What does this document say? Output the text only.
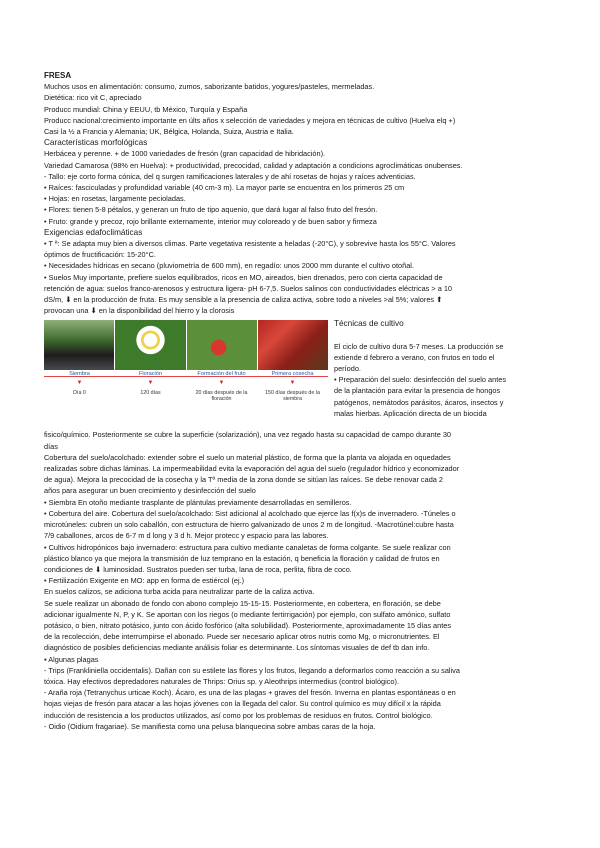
FRESA
Muchos usos en alimentación: consumo, zumos, saborizante batidos, yogures/pasteles, mermeladas.
Dietética: rico vit C, apreciado
Producc mundial: China y EEUU, tb México, Turquía y España
Producc nacional:crecimiento importante en últs años x selección de variedades y mejora en técnicas de cultivo (Huelva elq +)
Casi la ½ a Francia y Alemania; UK, Bélgica, Holanda, Suiza, Austria e Italia.
Características morfológicas
Herbácea y perenne. + de 1000 variedades de fresón (gran capacidad de hibridación).
Variedad Camarosa (98% en Huelva): + productividad, precocidad, calidad y adaptación a condicions agroclimáticas onubenses.
- Tallo: eje corto forma cónica, del q surgen ramificaciones laterales y de ahí rosetas de hojas y raíces adventicias.
• Raíces: fasciculadas y profundidad variable (40 cm-3 m). La mayor parte se encuentra en los primeros 25 cm
• Hojas: en rosetas, largamente pecioladas.
• Flores: tienen 5-8 pétalos, y generan un fruto de tipo aquenio, que dará lugar al falso fruto del fresón.
• Fruto: grande y precoz, rojo brillante externamente, interior muy coloreado y de buen sabor y firmeza
Exigencias edafoclimáticas
• T ª: Se adapta muy bien a diversos climas. Parte vegetativa resistente a heladas (-20°C), y sobrevive hasta los 55°C. Valores
óptimos de fructificación: 15-20°C.
• Necesidades hídricas en secano (pluviometría de 600 mm), en regadío: unos 2000 mm durante el cultivo otoñal.
• Suelos Muy importante, prefiere suelos equilibrados, ricos en MO, aireados, bien drenados, pero con cierta capacidad de
retención de agua: suelos franco-arenosos y estructura ligera- pH 6-7,5. Suelos salinos con conductividades eléctricas > a 10
dS/m, ⬇ en la producción de fruta. Es muy sensible a la presencia de caliza activa, sobre todo a niveles >al 5%; valores ⬆
provocan una ⬇ en la disponibilidad del hierro y la clorosis
Siembra
▼
Día 0
Floración
▼
120 días
Formación del fruto
▼
20 días después de la floración
Primera cosecha
▼
150 días después de la siembra
Técnicas de cultivo
El ciclo de cultivo dura 5-7 meses. La producción se
extiende d febrero a verano, con frutos en todo el
período.
• Preparación del suelo: desinfección del suelo antes
de la plantación para evitar la presencia de hongos
patógenos, nemátodos parásitos, ácaros, insectos y
malas hierbas. Aplicación directa de un biocida
fisico/químico. Posteriormente se cubre la superficie (solarización), una vez regado hasta su capacidad de campo durante 30
días
Cobertura del suelo/acolchado: extender sobre el suelo un material plástico, de forma que la planta va alojada en oquedades
realizadas sobre dichas láminas. La impermeabilidad evita la evaporación del agua del suelo (regulador hídrico y economizador
de agua). Mejora la precocidad de la cosecha y la Tª media de la zona donde se sitúan las raíces. Se debe renovar cada 2
años para asegurar un buen crecimiento y desinfección del suelo
• Siembra En otoño mediante trasplante de plántulas previamente desarrolladas en semilleros.
• Cobertura del aire. Cobertura del suelo/acolchado: Sist adicional al acolchado que ejerce las f(x)s de invernadero. -Túneles o
microtúneles: cubren un solo caballón, con estructura de hierro galvanizado de unos 2 m de longitud. -Macrotúnel:cubre hasta
7/9 caballones, arcos de 6-7 m d long y 3 d h. Mejor protecc y espacio para las labores.
• Cultivos hidropónicos bajo invernadero: estructura para cultivo mediante canaletas de forma colgante. Se suele realizar con
plástico blanco ya que mejora la transmisión de luz temprano en la estación, q beneficia la floración y calidad de frutos en
condiciones de ⬇ luminosidad. Sustratos pueden ser turba, lana de roca, perlita, fibra de coco.
• Fertilización Exigente en MO: app en forma de estiércol (ej.)
En suelos calizos, se adiciona turba acida para neutralizar parte de la caliza activa.
Se suele realizar un abonado de fondo con abono complejo 15-15-15. Posteriormente, en cobertera, en floración, se debe
adicionar igualmente N, P, y K. Se aportan con los riegos (o mediante fertirrigación) por ejemplo, con sulfato amónico, sulfato
potásico, o bien, nitrato potásico, junto con ácido fosfórico (alta solubilidad). Posteriormente, aproximadamente 15 días antes
de la recolección, debe interrumpirse el abonado. Puede ser necesario aplicar otros nutris como Mg, o micronutrientes. El
diagnóstico de posibles deficiencias mediante análisis foliar es determinante. Los síntomas visuales de def tb dan info.
▪ Algunas plagas
- Trips (Frankliniella occidentalis). Dañan con su estilete las flores y los frutos, llegando a deformarlos como reacción a su saliva
tóxica. Hay efectivos depredadores naturales de Thrips: Orius sp. y Aleothrips intermedius (control biológico).
- Araña roja (Tetranychus urticae Koch). Ácaro, es una de las plagas + graves del fresón. Inverna en plantas espontáneas o en
hojas viejas de fresón para atacar a las hojas jóvenes con la llegada del calor. Su control químico es muy difícil x la rápida
inducción de resistencia a los productos utilizados, así como por los problemas de residuos en frutos. Control biológico.
- Oidio (Oidium fragariae). Se manifiesta como una pelusa blanquecina sobre ambas caras de la hoja.
